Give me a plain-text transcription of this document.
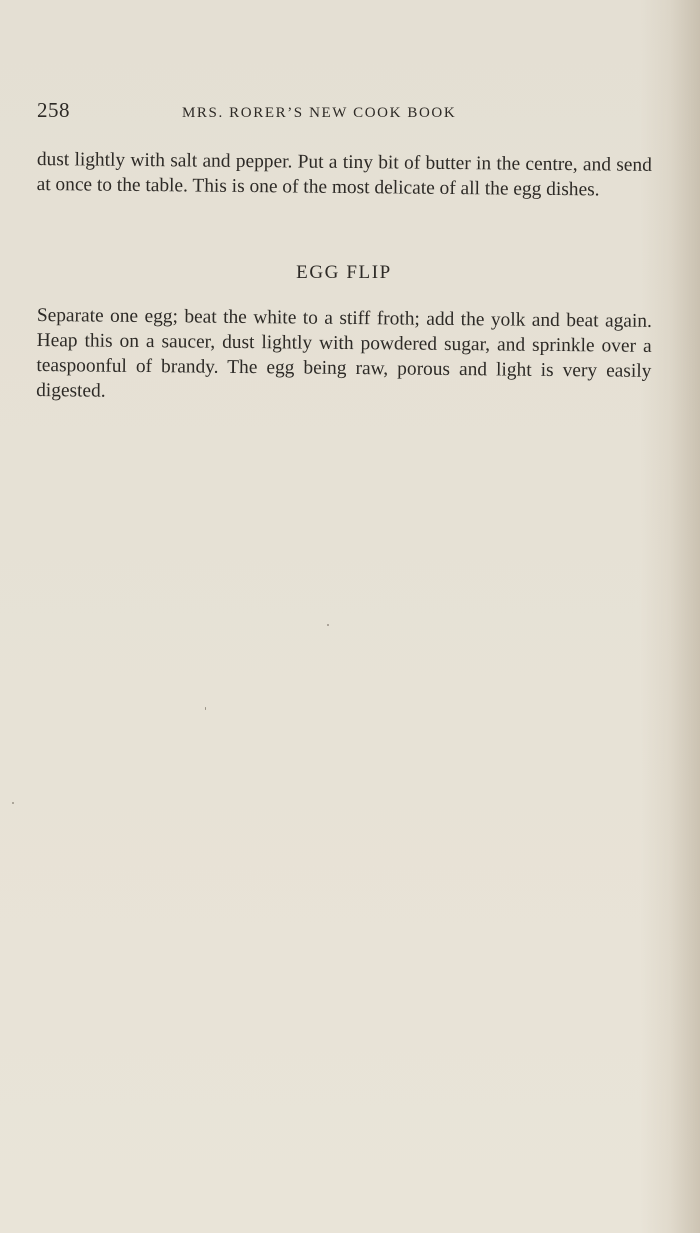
258	MRS. RORER’S NEW COOK BOOK

dust lightly with salt and pepper. Put a tiny bit of butter in the centre, and send at once to the table. This is one of the most delicate of all the egg dishes.

EGG FLIP

Separate one egg; beat the white to a stiff froth; add the yolk and beat again. Heap this on a saucer, dust lightly with powdered sugar, and sprinkle over a teaspoonful of brandy. The egg being raw, porous and light is very easily digested.
